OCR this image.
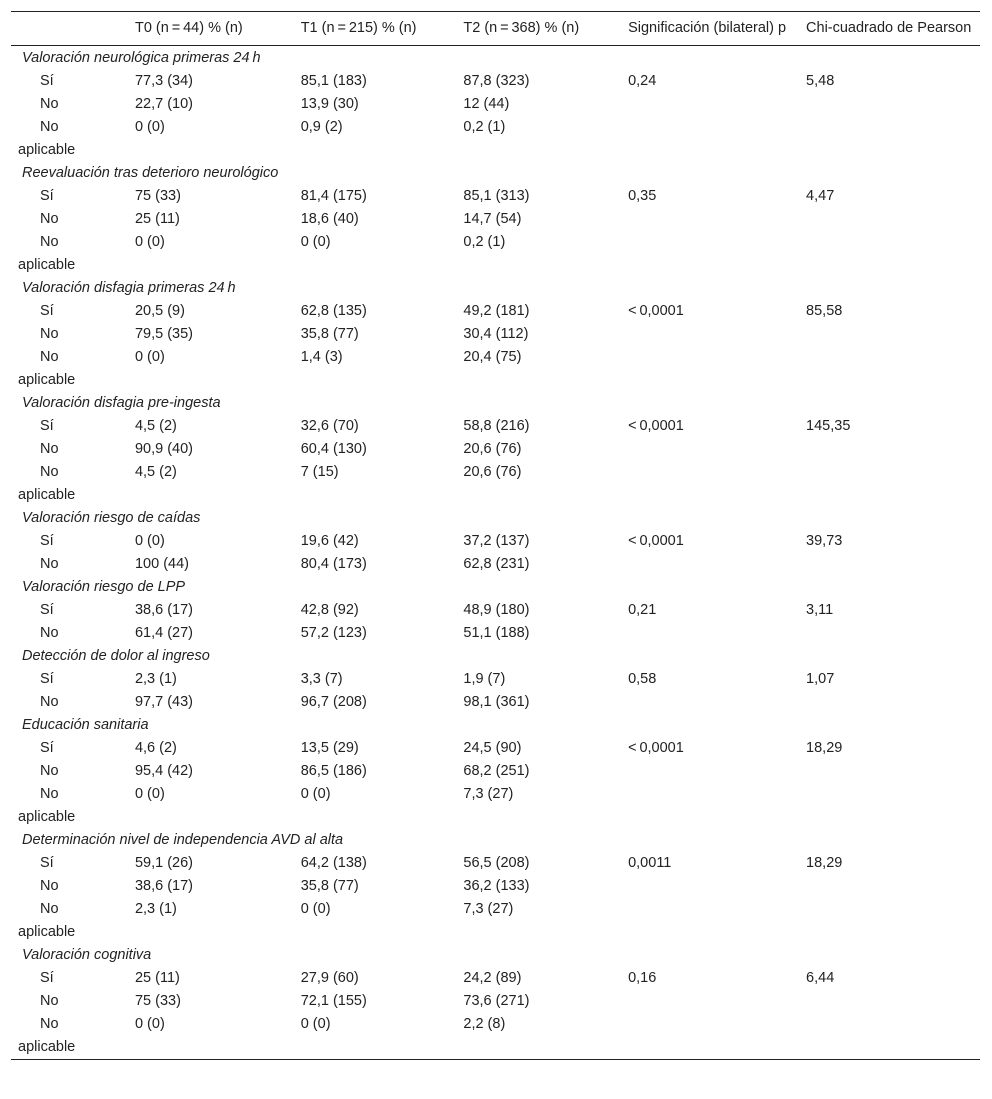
	T0 (n = 44) % (n)	T1 (n = 215) % (n)	T2 (n = 368) % (n)	Significación (bilateral) p	Chi-cuadrado de Pearson
Valoración neurológica primeras 24 h					
Sí	77,3 (34)	85,1 (183)	87,8 (323)	0,24	5,48
No	22,7 (10)	13,9 (30)	12 (44)		
No
aplicable	0 (0)	0,9 (2)	0,2 (1)		
Reevaluación tras deterioro neurológico					
Sí	75 (33)	81,4 (175)	85,1 (313)	0,35	4,47
No	25 (11)	18,6 (40)	14,7 (54)		
No
aplicable	0 (0)	0 (0)	0,2 (1)		
Valoración disfagia primeras 24 h					
Sí	20,5 (9)	62,8 (135)	49,2 (181)	< 0,0001	85,58
No	79,5 (35)	35,8 (77)	30,4 (112)		
No
aplicable	0 (0)	1,4 (3)	20,4 (75)		
Valoración disfagia pre-ingesta					
Sí	4,5 (2)	32,6 (70)	58,8 (216)	< 0,0001	145,35
No	90,9 (40)	60,4 (130)	20,6 (76)		
No
aplicable	4,5 (2)	7 (15)	20,6 (76)		
Valoración riesgo de caídas					
Sí	0 (0)	19,6 (42)	37,2 (137)	< 0,0001	39,73
No	100 (44)	80,4 (173)	62,8 (231)		
Valoración riesgo de LPP					
Sí	38,6 (17)	42,8 (92)	48,9 (180)	0,21	3,11
No	61,4 (27)	57,2 (123)	51,1 (188)		
Detección de dolor al ingreso					
Sí	2,3 (1)	3,3 (7)	1,9 (7)	0,58	1,07
No	97,7 (43)	96,7 (208)	98,1 (361)		
Educación sanitaria					
Sí	4,6 (2)	13,5 (29)	24,5 (90)	< 0,0001	18,29
No	95,4 (42)	86,5 (186)	68,2 (251)		
No
aplicable	0 (0)	0 (0)	7,3 (27)		
Determinación nivel de independencia AVD al alta					
Sí	59,1 (26)	64,2 (138)	56,5 (208)	0,0011	18,29
No	38,6 (17)	35,8 (77)	36,2 (133)		
No
aplicable	2,3 (1)	0 (0)	7,3 (27)		
Valoración cognitiva					
Sí	25 (11)	27,9 (60)	24,2 (89)	0,16	6,44
No	75 (33)	72,1 (155)	73,6 (271)		
No
aplicable	0 (0)	0 (0)	2,2 (8)		
